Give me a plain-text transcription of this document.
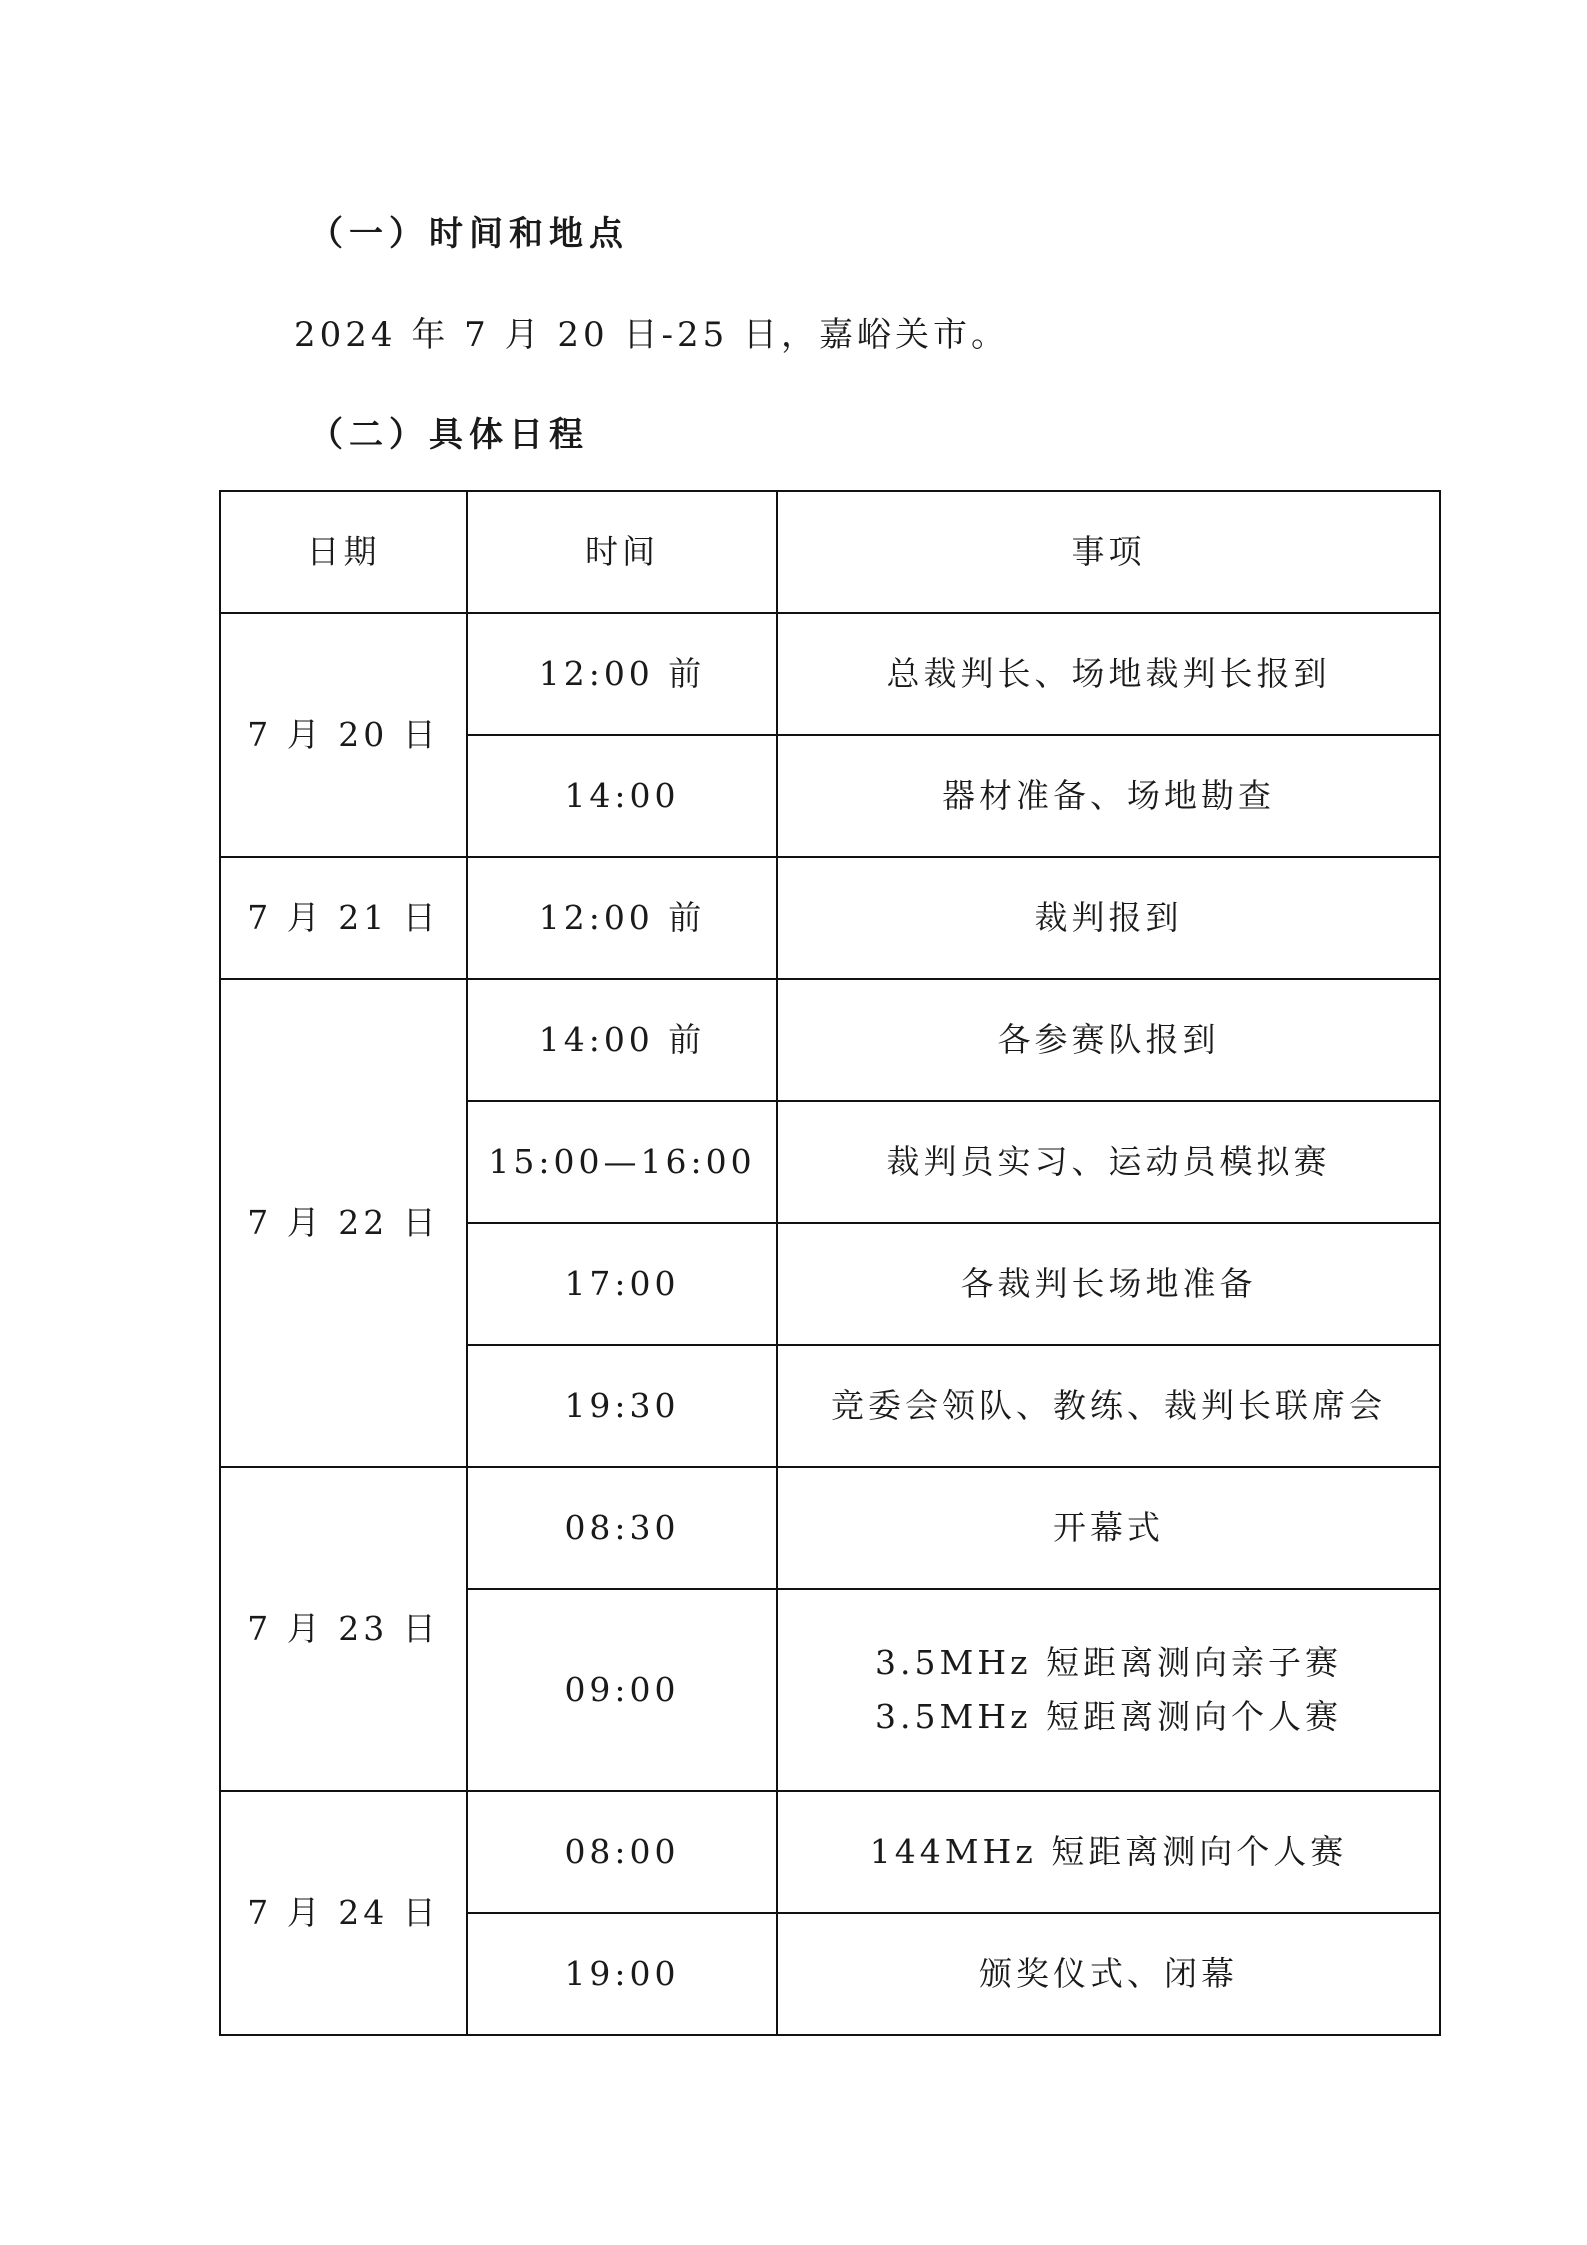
（一）时间和地点
2024 年 7 月 20 日-25 日，嘉峪关市。
（二）具体日程
日期	时间	事项
7 月 20 日	12:00 前	总裁判长、场地裁判长报到
	14:00	器材准备、场地勘查
7 月 21 日	12:00 前	裁判报到
7 月 22 日	14:00 前	各参赛队报到
	15:00—16:00	裁判员实习、运动员模拟赛
	17:00	各裁判长场地准备
	19:30	竞委会领队、教练、裁判长联席会
7 月 23 日	08:30	开幕式
	09:00	3.5MHz 短距离测向亲子赛 3.5MHz 短距离测向个人赛
7 月 24 日	08:00	144MHz 短距离测向个人赛
	19:00	颁奖仪式、闭幕
